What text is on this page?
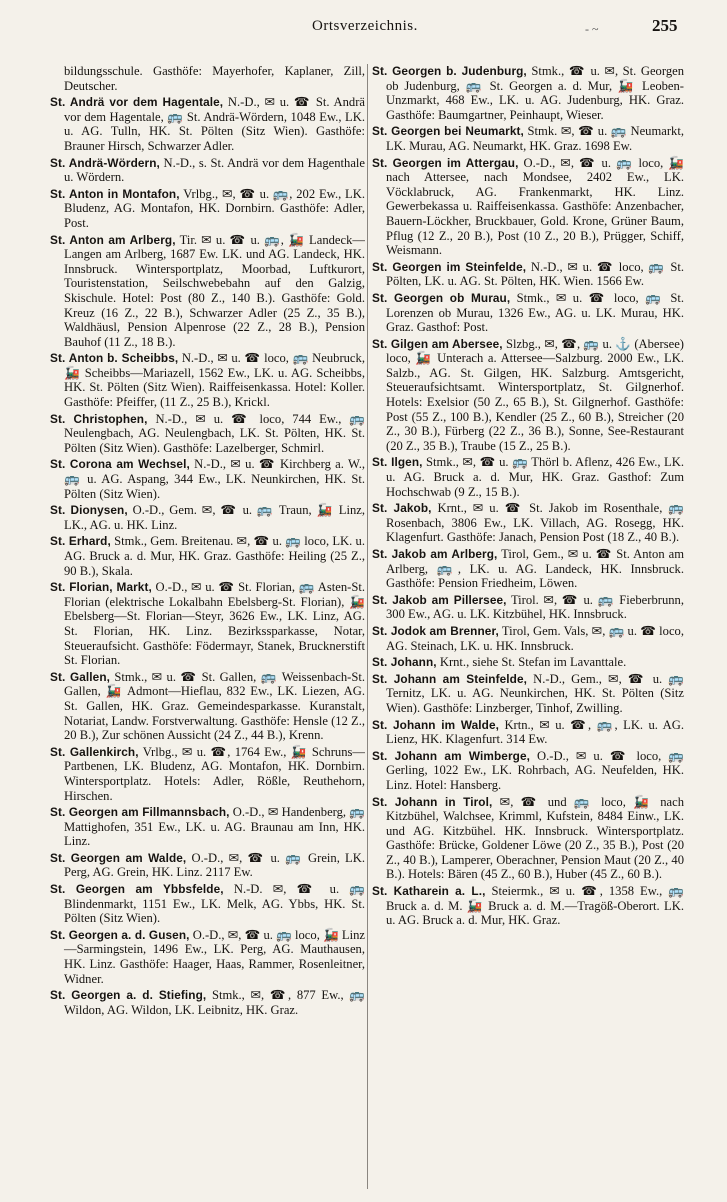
Ortsverzeichnis.	- ~	255

bildungsschule. Gasthöfe: Mayerhofer, Kaplaner, Zill, Deutscher.

St. Andrä vor dem Hagentale, N.-D., ✉ u. ☎ St. Andrä vor dem Hagentale, 🚌 St. Andrä-Wördern, 1048 Ew., LK. u. AG. Tulln, HK. St. Pölten (Sitz Wien). Gasthöfe: Brauner Hirsch, Schwarzer Adler.

St. Andrä-Wördern, N.-D., s. St. Andrä vor dem Hagenthale u. Wördern.

St. Anton in Montafon, Vrlbg., ✉, ☎ u. 🚌, 202 Ew., LK. Bludenz, AG. Montafon, HK. Dornbirn. Gasthöfe: Adler, Post.

St. Anton am Arlberg, Tir. ✉ u. ☎ u. 🚌, 🚂 Landeck—Langen am Arlberg, 1687 Ew. LK. und AG. Landeck, HK. Innsbruck. Wintersportplatz, Moorbad, Luftkurort, Touristenstation, Seilschwebebahn auf den Galzig, Skischule. Hotel: Post (80 Z., 140 B.). Gasthöfe: Gold. Kreuz (16 Z., 22 B.), Schwarzer Adler (25 Z., 35 B.), Waldhäusl, Pension Alpenrose (22 Z., 28 B.), Pension Bauhof (11 Z., 18 B.).

St. Anton b. Scheibbs, N.-D., ✉ u. ☎ loco, 🚌 Neubruck, 🚂 Scheibbs—Mariazell, 1562 Ew., LK. u. AG. Scheibbs, HK. St. Pölten (Sitz Wien). Raiffeisenkassa. Hotel: Koller. Gasthöfe: Pfeiffer, (11 Z., 25 B.), Krickl.

St. Christophen, N.-D., ✉ u. ☎ loco, 744 Ew., 🚌 Neulengbach, AG. Neulengbach, LK. St. Pölten, HK. St. Pölten (Sitz Wien). Gasthöfe: Lazelberger, Schmirl.

St. Corona am Wechsel, N.-D., ✉ u. ☎ Kirchberg a. W., 🚌 u. AG. Aspang, 344 Ew., LK. Neunkirchen, HK. St. Pölten (Sitz Wien).

St. Dionysen, O.-D., Gem. ✉, ☎ u. 🚌 Traun, 🚂 Linz, LK., AG. u. HK. Linz.

St. Erhard, Stmk., Gem. Breitenau. ✉, ☎ u. 🚌 loco, LK. u. AG. Bruck a. d. Mur, HK. Graz. Gasthöfe: Heiling (25 Z., 90 B.), Skala.

St. Florian, Markt, O.-D., ✉ u. ☎ St. Florian, 🚌 Asten-St. Florian (elektrische Lokalbahn Ebelsberg-St. Florian), 🚂 Ebelsberg—St. Florian—Steyr, 3626 Ew., LK. Linz, AG. St. Florian, HK. Linz. Bezirkssparkasse, Notar, Steueraufsicht. Gasthöfe: Födermayr, Stanek, Brucknerstift St. Florian.

St. Gallen, Stmk., ✉ u. ☎ St. Gallen, 🚌 Weissenbach-St. Gallen, 🚂 Admont—Hieflau, 832 Ew., LK. Liezen, AG. St. Gallen, HK. Graz. Gemeindesparkasse. Kuranstalt, Notariat, Landw. Forstverwaltung. Gasthöfe: Hensle (12 Z., 20 B.), Zur schönen Aussicht (24 Z., 44 B.), Krenn.

St. Gallenkirch, Vrlbg., ✉ u. ☎, 1764 Ew., 🚂 Schruns—Partbenen, LK. Bludenz, AG. Montafon, HK. Dornbirn. Wintersportplatz. Hotels: Adler, Rößle, Reuthehorn, Hirschen.

St. Georgen am Fillmannsbach, O.-D., ✉ Handenberg, 🚌 Mattighofen, 351 Ew., LK. u. AG. Braunau am Inn, HK. Linz.

St. Georgen am Walde, O.-D., ✉, ☎ u. 🚌 Grein, LK. Perg, AG. Grein, HK. Linz. 2117 Ew.

St. Georgen am Ybbsfelde, N.-D. ✉, ☎ u. 🚌 Blindenmarkt, 1151 Ew., LK. Melk, AG. Ybbs, HK. St. Pölten (Sitz Wien).

St. Georgen a. d. Gusen, O.-D., ✉, ☎ u. 🚌 loco, 🚂 Linz—Sarmingstein, 1496 Ew., LK. Perg, AG. Mauthausen, HK. Linz. Gasthöfe: Haager, Haas, Rammer, Rosenleitner, Widner.

St. Georgen a. d. Stiefing, Stmk., ✉, ☎, 877 Ew., 🚌 Wildon, AG. Wildon, LK. Leibnitz, HK. Graz.

St. Georgen b. Judenburg, Stmk., ☎ u. ✉, St. Georgen ob Judenburg, 🚌 St. Georgen a. d. Mur, 🚂 Leoben-Unzmarkt, 468 Ew., LK. u. AG. Judenburg, HK. Graz. Gasthöfe: Baumgartner, Peinhaupt, Wieser.

St. Georgen bei Neumarkt, Stmk. ✉, ☎ u. 🚌 Neumarkt, LK. Murau, AG. Neumarkt, HK. Graz. 1698 Ew.

St. Georgen im Attergau, O.-D., ✉, ☎ u. 🚌 loco, 🚂 nach Attersee, nach Mondsee, 2402 Ew., LK. Vöcklabruck, AG. Frankenmarkt, HK. Linz. Gewerbekassa u. Raiffeisenkassa. Gasthöfe: Anzenbacher, Bauern-Löckher, Bruckbauer, Gold. Krone, Grüner Baum, Pflug (12 Z., 20 B.), Post (10 Z., 20 B.), Prügger, Schiff, Weismann.

St. Georgen im Steinfelde, N.-D., ✉ u. ☎ loco, 🚌 St. Pölten, LK. u. AG. St. Pölten, HK. Wien. 1566 Ew.

St. Georgen ob Murau, Stmk., ✉ u. ☎ loco, 🚌 St. Lorenzen ob Murau, 1326 Ew., AG. u. LK. Murau, HK. Graz. Gasthof: Post.

St. Gilgen am Abersee, Slzbg., ✉, ☎, 🚌 u. ⚓ (Abersee) loco, 🚂 Unterach a. Attersee—Salzburg. 2000 Ew., LK. Salzb., AG. St. Gilgen, HK. Salzburg. Amtsgericht, Steueraufsichtsamt. Wintersportplatz, St. Gilgnerhof. Hotels: Exelsior (50 Z., 65 B.), St. Gilgnerhof. Gasthöfe: Post (55 Z., 100 B.), Kendler (25 Z., 60 B.), Streicher (20 Z., 30 B.), Fürberg (22 Z., 36 B.), Sonne, See-Restaurant (20 Z., 35 B.), Traube (15 Z., 25 B.).

St. Ilgen, Stmk., ✉, ☎ u. 🚌 Thörl b. Aflenz, 426 Ew., LK. u. AG. Bruck a. d. Mur, HK. Graz. Gasthof: Zum Hochschwab (9 Z., 15 B.).

St. Jakob, Krnt., ✉ u. ☎ St. Jakob im Rosenthale, 🚌 Rosenbach, 3806 Ew., LK. Villach, AG. Rosegg, HK. Klagenfurt. Gasthöfe: Janach, Pension Post (18 Z., 40 B.).

St. Jakob am Arlberg, Tirol, Gem., ✉ u. ☎ St. Anton am Arlberg, 🚌, LK. u. AG. Landeck, HK. Innsbruck. Gasthöfe: Pension Friedheim, Löwen.

St. Jakob am Pillersee, Tirol. ✉, ☎ u. 🚌 Fieberbrunn, 300 Ew., AG. u. LK. Kitzbühel, HK. Innsbruck.

St. Jodok am Brenner, Tirol, Gem. Vals, ✉, 🚌 u. ☎ loco, AG. Steinach, LK. u. HK. Innsbruck.

St. Johann, Krnt., siehe St. Stefan im Lavanttale.

St. Johann am Steinfelde, N.-D., Gem., ✉, ☎ u. 🚌 Ternitz, LK. u. AG. Neunkirchen, HK. St. Pölten (Sitz Wien). Gasthöfe: Linzberger, Tinhof, Zwilling.

St. Johann im Walde, Krtn., ✉ u. ☎, 🚌, LK. u. AG. Lienz, HK. Klagenfurt. 314 Ew.

St. Johann am Wimberge, O.-D., ✉ u. ☎ loco, 🚌 Gerling, 1022 Ew., LK. Rohrbach, AG. Neufelden, HK. Linz. Hotel: Hansberg.

St. Johann in Tirol, ✉, ☎ und 🚌 loco, 🚂 nach Kitzbühel, Walchsee, Krimml, Kufstein, 8484 Einw., LK. und AG. Kitzbühel. HK. Innsbruck. Wintersportplatz. Gasthöfe: Brücke, Goldener Löwe (20 Z., 35 B.), Post (20 Z., 40 B.), Lamperer, Oberachner, Pension Maut (20 Z., 40 B.). Hotels: Bären (45 Z., 60 B.), Huber (45 Z., 60 B.).

St. Katharein a. L., Steiermk., ✉ u. ☎, 1358 Ew., 🚌 Bruck a. d. M. 🚂 Bruck a. d. M.—Tragöß-Oberort. LK. u. AG. Bruck a. d. Mur, HK. Graz.
